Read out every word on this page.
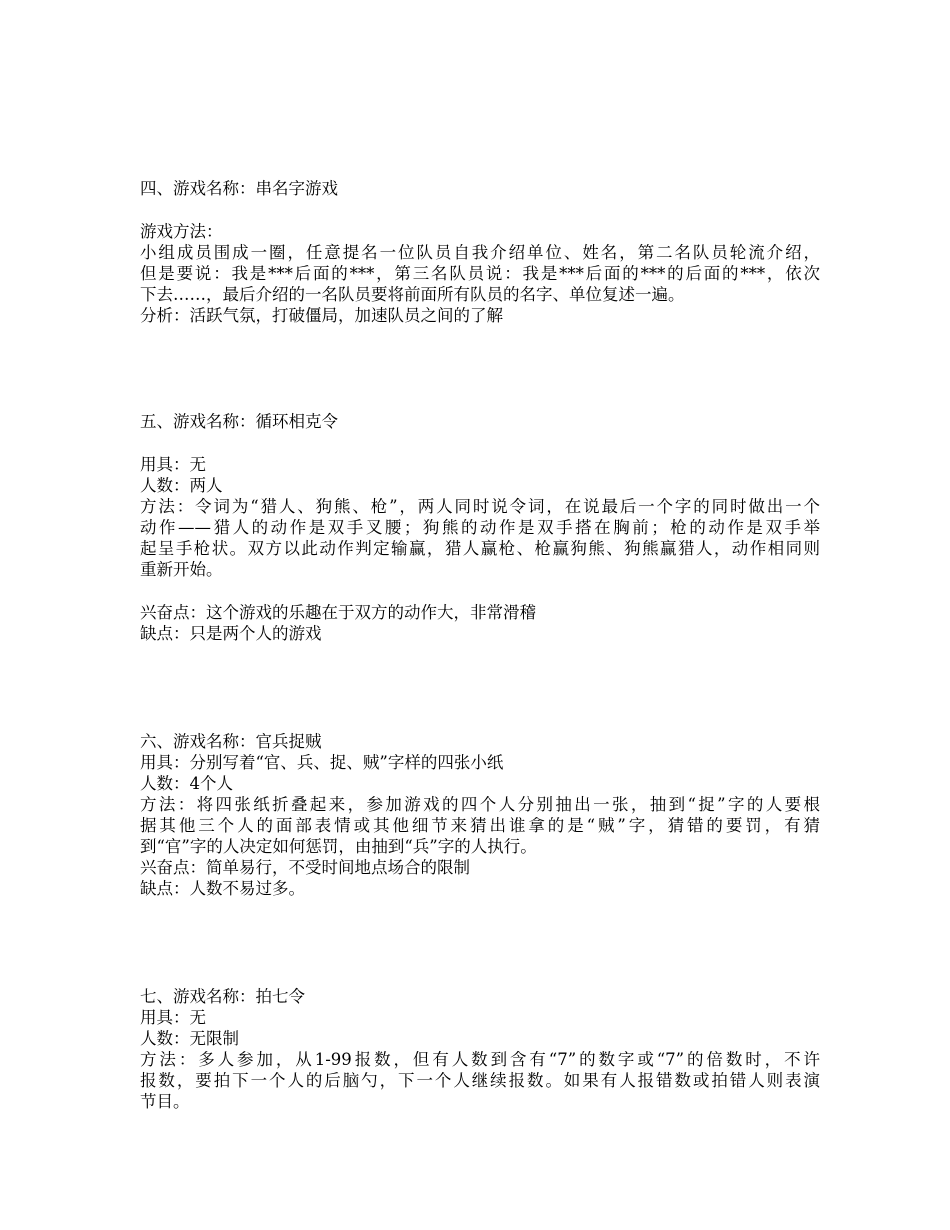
四、游戏名称：串名字游戏
游戏方法：
小组成员围成一圈，任意提名一位队员自我介绍单位、姓名，第二名队员轮流介绍，
但是要说：我是***后面的***，第三名队员说：我是***后面的***的后面的***，依次
下去……，最后介绍的一名队员要将前面所有队员的名字、单位复述一遍。
分析：活跃气氛，打破僵局，加速队员之间的了解
五、游戏名称：循环相克令
用具：无
人数：两人
方法：令词为“猎人、狗熊、枪”，两人同时说令词，在说最后一个字的同时做出一个
动作——猎人的动作是双手叉腰；狗熊的动作是双手搭在胸前；枪的动作是双手举
起呈手枪状。双方以此动作判定输赢，猎人赢枪、枪赢狗熊、狗熊赢猎人，动作相同则
重新开始。
兴奋点：这个游戏的乐趣在于双方的动作大，非常滑稽
缺点：只是两个人的游戏
六、游戏名称：官兵捉贼
用具：分别写着“官、兵、捉、贼”字样的四张小纸
人数：4个人
方法：将四张纸折叠起来，参加游戏的四个人分别抽出一张，抽到“捉”字的人要根
据其他三个人的面部表情或其他细节来猜出谁拿的是“贼”字，猜错的要罚，有猜
到“官”字的人决定如何惩罚，由抽到“兵”字的人执行。
兴奋点：简单易行，不受时间地点场合的限制
缺点：人数不易过多。
七、游戏名称：拍七令
用具：无
人数：无限制
方法：多人参加，从1-99报数，但有人数到含有“7”的数字或“7”的倍数时，不许
报数，要拍下一个人的后脑勺，下一个人继续报数。如果有人报错数或拍错人则表演
节目。
